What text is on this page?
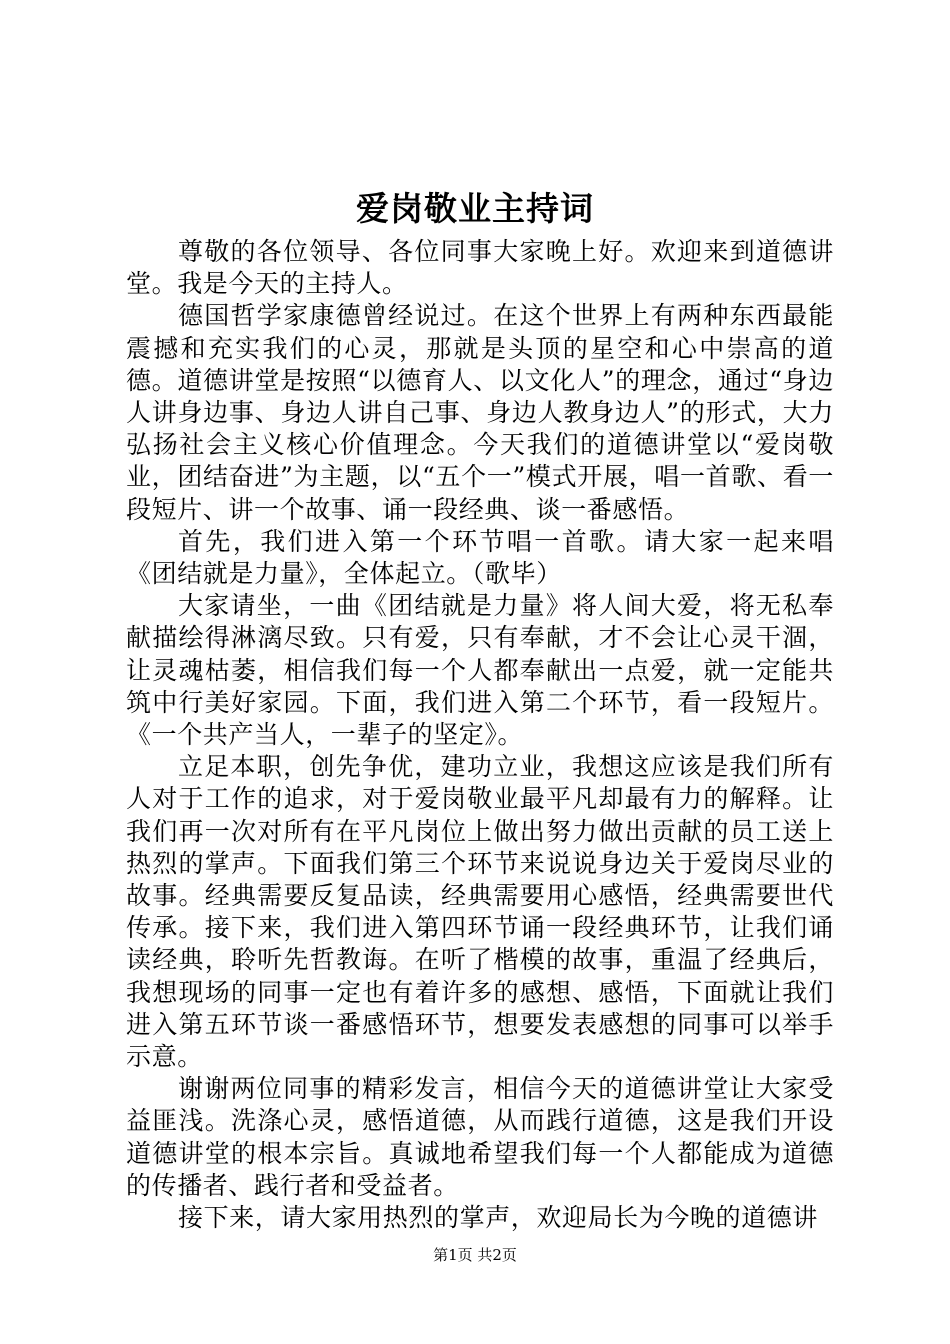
爱岗敬业主持词

尊敬的各位领导、各位同事大家晚上好。欢迎来到道德讲堂。我是今天的主持人。

德国哲学家康德曾经说过。在这个世界上有两种东西最能震撼和充实我们的心灵，那就是头顶的星空和心中崇高的道德。道德讲堂是按照“以德育人、以文化人”的理念，通过“身边人讲身边事、身边人讲自己事、身边人教身边人”的形式，大力弘扬社会主义核心价值理念。今天我们的道德讲堂以“爱岗敬业，团结奋进”为主题，以“五个一”模式开展，唱一首歌、看一段短片、讲一个故事、诵一段经典、谈一番感悟。

首先，我们进入第一个环节唱一首歌。请大家一起来唱《团结就是力量》，全体起立。（歌毕）

大家请坐，一曲《团结就是力量》将人间大爱，将无私奉献描绘得淋漓尽致。只有爱，只有奉献，才不会让心灵干涸，让灵魂枯萎，相信我们每一个人都奉献出一点爱，就一定能共筑中行美好家园。下面，我们进入第二个环节，看一段短片。《一个共产当人，一辈子的坚定》。

立足本职，创先争优，建功立业，我想这应该是我们所有人对于工作的追求，对于爱岗敬业最平凡却最有力的解释。让我们再一次对所有在平凡岗位上做出努力做出贡献的员工送上热烈的掌声。下面我们第三个环节来说说身边关于爱岗尽业的故事。经典需要反复品读，经典需要用心感悟，经典需要世代传承。接下来，我们进入第四环节诵一段经典环节，让我们诵读经典，聆听先哲教诲。在听了楷模的故事，重温了经典后，我想现场的同事一定也有着许多的感想、感悟，下面就让我们进入第五环节谈一番感悟环节，想要发表感想的同事可以举手示意。

谢谢两位同事的精彩发言，相信今天的道德讲堂让大家受益匪浅。洗涤心灵，感悟道德，从而践行道德，这是我们开设道德讲堂的根本宗旨。真诚地希望我们每一个人都能成为道德的传播者、践行者和受益者。

接下来，请大家用热烈的掌声，欢迎局长为今晚的道德讲

第1页 共2页
